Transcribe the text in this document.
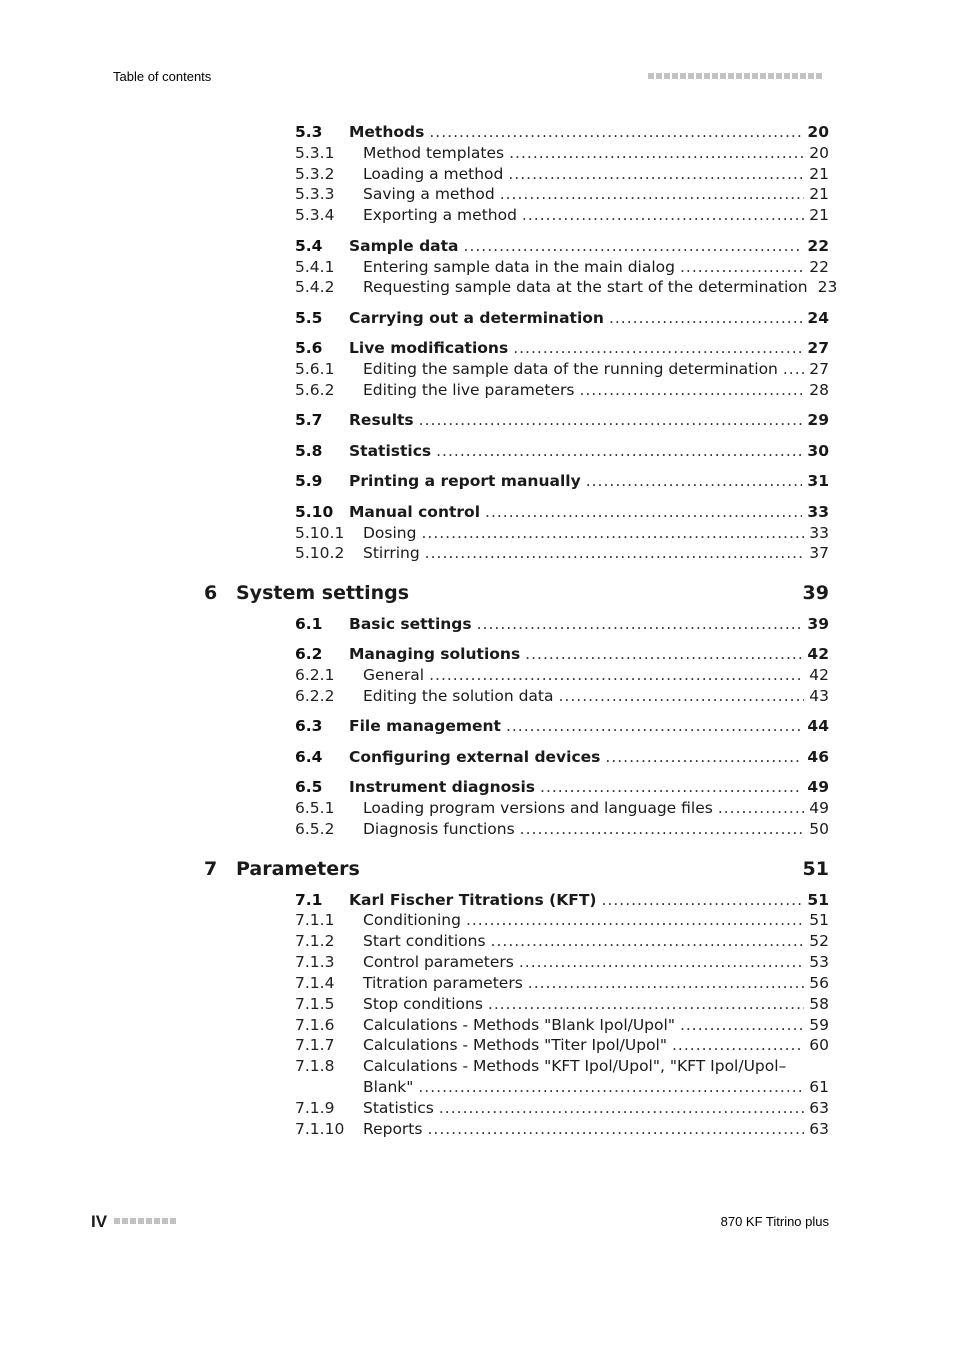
Table of contents
5.3 Methods .....	20
5.3.1 Method templates .....	20
5.3.2 Loading a method .....	21
5.3.3 Saving a method .....	21
5.3.4 Exporting a method .....	21
5.4 Sample data .....	22
5.4.1 Entering sample data in the main dialog .....	22
5.4.2 Requesting sample data at the start of the determination 23
5.5 Carrying out a determination .....	24
5.6 Live modifications .....	27
5.6.1 Editing the sample data of the running determination ..... 27
5.6.2 Editing the live parameters .....	28
5.7 Results .....	29
5.8 Statistics .....	30
5.9 Printing a report manually .....	31
5.10 Manual control .....	33
5.10.1 Dosing .....	33
5.10.2 Stirring .....	37
6 System settings	39
6.1 Basic settings .....	39
6.2 Managing solutions .....	42
6.2.1 General .....	42
6.2.2 Editing the solution data .....	43
6.3 File management .....	44
6.4 Configuring external devices .....	46
6.5 Instrument diagnosis .....	49
6.5.1 Loading program versions and language files .....	49
6.5.2 Diagnosis functions .....	50
7 Parameters	51
7.1 Karl Fischer Titrations (KFT) .....	51
7.1.1 Conditioning .....	51
7.1.2 Start conditions .....	52
7.1.3 Control parameters .....	53
7.1.4 Titration parameters .....	56
7.1.5 Stop conditions .....	58
7.1.6 Calculations - Methods "Blank Ipol/Upol" .....	59
7.1.7 Calculations - Methods "Titer Ipol/Upol" .....	60
7.1.8 Calculations - Methods "KFT Ipol/Upol", "KFT Ipol/Upol–
Blank" .....	61
7.1.9 Statistics .....	63
7.1.10 Reports .....	63
IV	870 KF Titrino plus
